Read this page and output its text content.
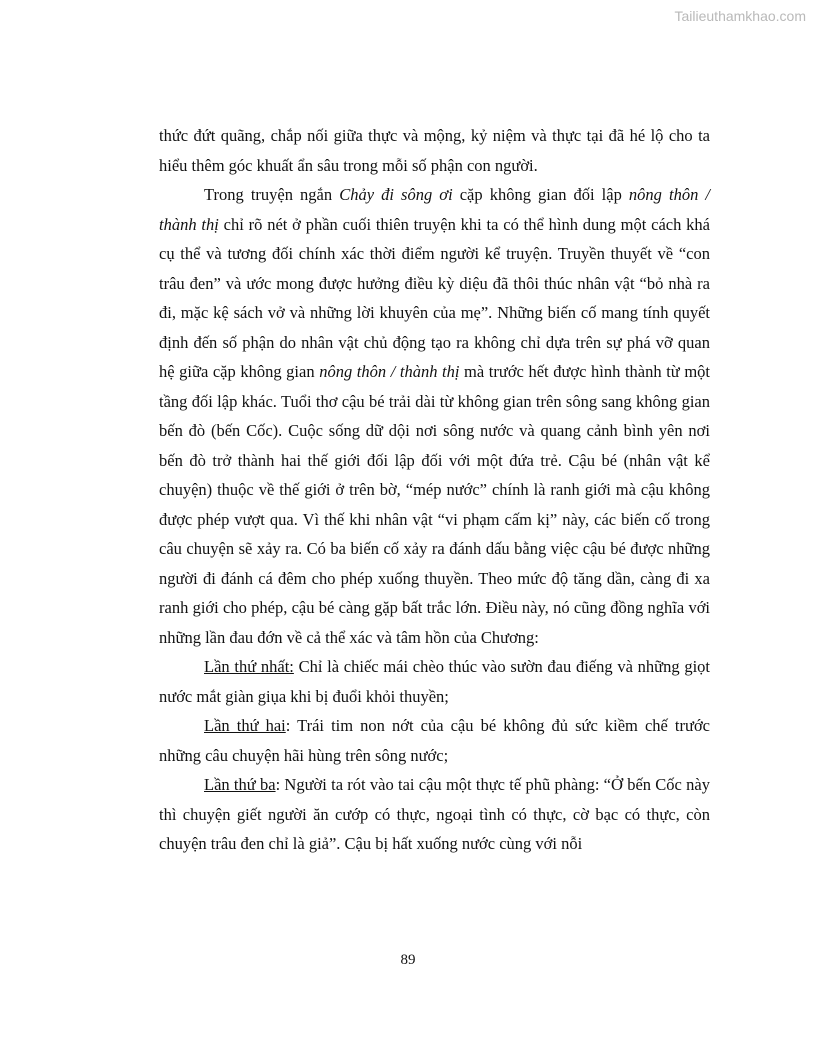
Tailieuthamkhao.com

thức đứt quãng, chắp nối giữa thực và mộng, kỷ niệm và thực tại đã hé lộ cho ta hiểu thêm góc khuất ẩn sâu trong mỗi số phận con người.

Trong truyện ngắn Chảy đi sông ơi cặp không gian đối lập nông thôn / thành thị chỉ rõ nét ở phần cuối thiên truyện khi ta có thể hình dung một cách khá cụ thể và tương đối chính xác thời điểm người kể truyện. Truyền thuyết về “con trâu đen” và ước mong được hưởng điều kỳ diệu đã thôi thúc nhân vật “bỏ nhà ra đi, mặc kệ sách vở và những lời khuyên của mẹ”. Những biến cố mang tính quyết định đến số phận do nhân vật chủ động tạo ra không chỉ dựa trên sự phá vỡ quan hệ giữa cặp không gian nông thôn / thành thị mà trước hết được hình thành từ một tầng đối lập khác. Tuổi thơ cậu bé trải dài từ không gian trên sông sang không gian bến đò (bến Cốc). Cuộc sống dữ dội nơi sông nước và quang cảnh bình yên nơi bến đò trở thành hai thế giới đối lập đối với một đứa trẻ. Cậu bé (nhân vật kể chuyện) thuộc về thế giới ở trên bờ, “mép nước” chính là ranh giới mà cậu không được phép vượt qua. Vì thế khi nhân vật “vi phạm cấm kị” này, các biến cố trong câu chuyện sẽ xảy ra. Có ba biến cố xảy ra đánh dấu bằng việc cậu bé được những người đi đánh cá đêm cho phép xuống thuyền. Theo mức độ tăng dần, càng đi xa ranh giới cho phép, cậu bé càng gặp bất trắc lớn. Điều này, nó cũng đồng nghĩa với những lần đau đớn về cả thể xác và tâm hồn của Chương:

Lần thứ nhất: Chỉ là chiếc mái chèo thúc vào sườn đau điếng và những giọt nước mắt giàn giụa khi bị đuổi khỏi thuyền;

Lần thứ hai: Trái tim non nớt của cậu bé không đủ sức kiềm chế trước những câu chuyện hãi hùng trên sông nước;

Lần thứ ba: Người ta rót vào tai cậu một thực tế phũ phàng: “Ở bến Cốc này thì chuyện giết người ăn cướp có thực, ngoại tình có thực, cờ bạc có thực, còn chuyện trâu đen chỉ là giả”. Cậu bị hất xuống nước cùng với nỗi

89
